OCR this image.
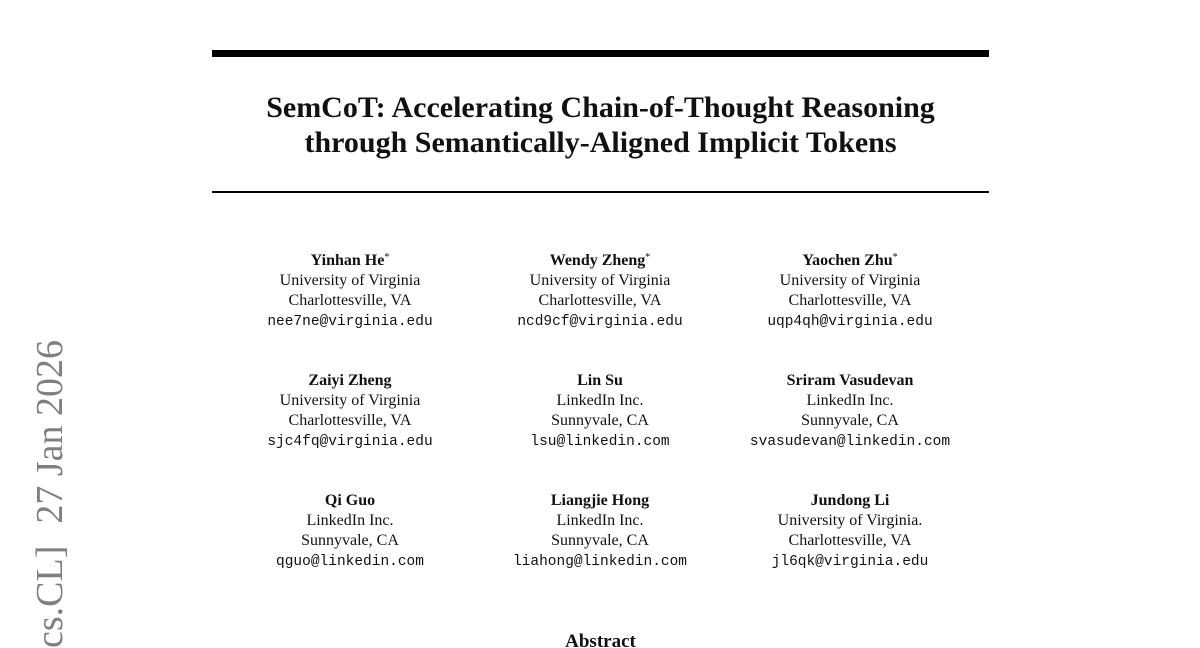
cs.CL]27 Jan 2026
SemCoT: Accelerating Chain-of-Thought Reasoning
through Semantically-Aligned Implicit Tokens
Yinhan He*
University of Virginia
Charlottesville, VA
nee7ne@virginia.edu
Wendy Zheng*
University of Virginia
Charlottesville, VA
ncd9cf@virginia.edu
Yaochen Zhu*
University of Virginia
Charlottesville, VA
uqp4qh@virginia.edu
Zaiyi Zheng
University of Virginia
Charlottesville, VA
sjc4fq@virginia.edu
Lin Su
LinkedIn Inc.
Sunnyvale, CA
lsu@linkedin.com
Sriram Vasudevan
LinkedIn Inc.
Sunnyvale, CA
svasudevan@linkedin.com
Qi Guo
LinkedIn Inc.
Sunnyvale, CA
qguo@linkedin.com
Liangjie Hong
LinkedIn Inc.
Sunnyvale, CA
liahong@linkedin.com
Jundong Li
University of Virginia.
Charlottesville, VA
jl6qk@virginia.edu
Abstract
